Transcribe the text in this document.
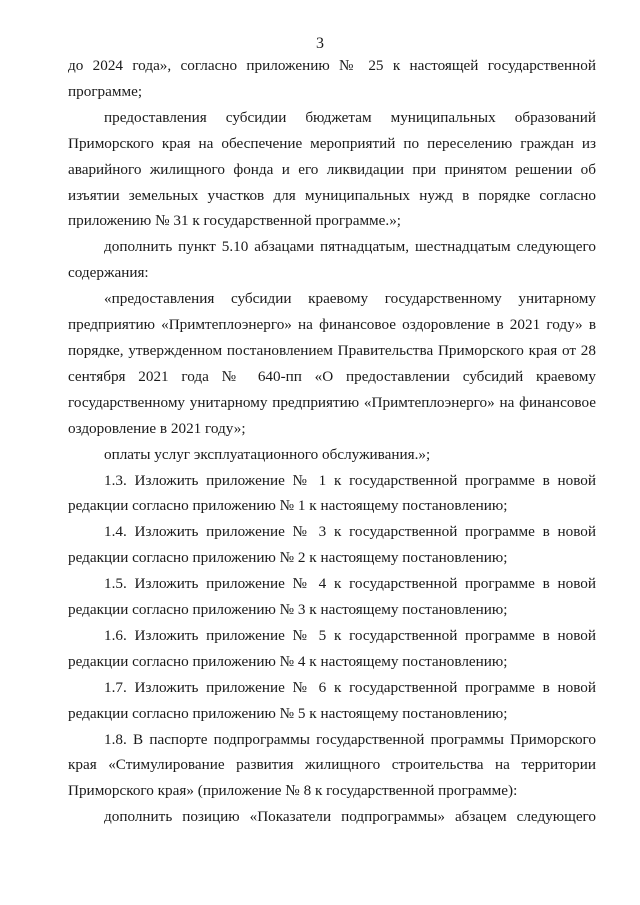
3

до 2024 года», согласно приложению № 25 к настоящей государственной программе;

предоставления субсидии бюджетам муниципальных образований Приморского края на обеспечение мероприятий по переселению граждан из аварийного жилищного фонда и его ликвидации при принятом решении об изъятии земельных участков для муниципальных нужд в порядке согласно приложению № 31 к государственной программе.»;

дополнить пункт 5.10 абзацами пятнадцатым, шестнадцатым следующего содержания:

«предоставления субсидии краевому государственному унитарному предприятию «Примтеплоэнерго» на финансовое оздоровление в 2021 году» в порядке, утвержденном постановлением Правительства Приморского края от 28 сентября 2021 года № 640-пп «О предоставлении субсидий краевому государственному унитарному предприятию «Примтеплоэнерго» на финансовое оздоровление в 2021 году»;

оплаты услуг эксплуатационного обслуживания.»;

1.3. Изложить приложение № 1 к государственной программе в новой редакции согласно приложению № 1 к настоящему постановлению;

1.4. Изложить приложение № 3 к государственной программе в новой редакции согласно приложению № 2 к настоящему постановлению;

1.5. Изложить приложение № 4 к государственной программе в новой редакции согласно приложению № 3 к настоящему постановлению;

1.6. Изложить приложение № 5 к государственной программе в новой редакции согласно приложению № 4 к настоящему постановлению;

1.7. Изложить приложение № 6 к государственной программе в новой редакции согласно приложению № 5 к настоящему постановлению;

1.8. В паспорте подпрограммы государственной программы Приморского края «Стимулирование развития жилищного строительства на территории Приморского края» (приложение № 8 к государственной программе):

дополнить позицию «Показатели подпрограммы» абзацем следующего
